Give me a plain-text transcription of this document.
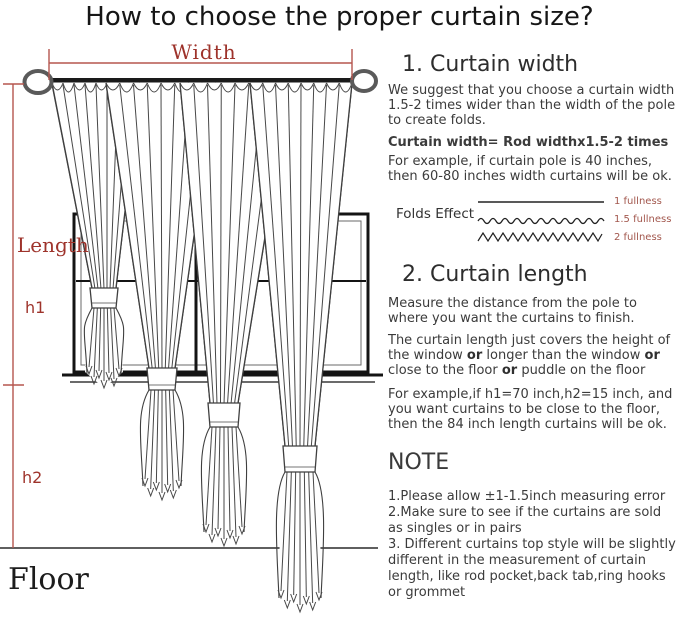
How to choose the proper curtain size?
Floor
Width
Length
h1
h2
1. Curtain width

We suggest that you choose a curtain width 1.5-2 times wider than the width of the pole to create folds.

Curtain width= Rod widthx1.5-2 times

For example, if curtain pole is 40 inches, then 60-80 inches width curtains will be ok.

Folds Effect
1 fullness
1.5 fullness
2 fullness
2. Curtain length

Measure the distance from the pole to where you want the curtains to finish.

The curtain length just covers the height of the window or longer than the window or close to the floor or puddle on the floor

For example,if h1=70 inch,h2=15 inch, and you want curtains to be close to the floor, then the 84 inch length curtains will be ok.

NOTE
1.Please allow ±1-1.5inch measuring error
2.Make sure to see if the curtains are sold as singles or in pairs
3. Different curtains top style will be slightly different in the measurement of curtain length, like rod pocket,back tab,ring hooks or grommet
